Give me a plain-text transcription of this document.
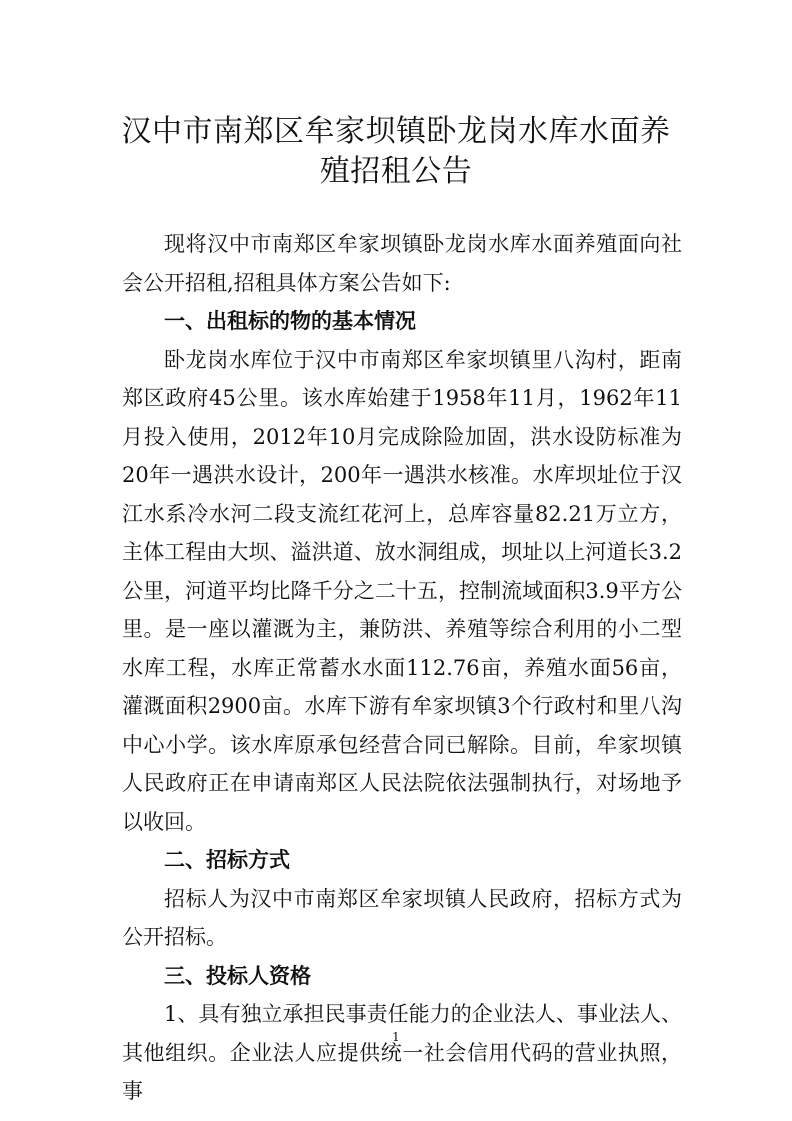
汉中市南郑区牟家坝镇卧龙岗水库水面养
殖招租公告

现将汉中市南郑区牟家坝镇卧龙岗水库水面养殖面向社会公开招租,招租具体方案公告如下:

一、出租标的物的基本情况

卧龙岗水库位于汉中市南郑区牟家坝镇里八沟村，距南郑区政府45公里。该水库始建于1958年11月，1962年11月投入使用，2012年10月完成除险加固，洪水设防标准为20年一遇洪水设计，200年一遇洪水核准。水库坝址位于汉江水系冷水河二段支流红花河上，总库容量82.21万立方，主体工程由大坝、溢洪道、放水洞组成，坝址以上河道长3.2公里，河道平均比降千分之二十五，控制流域面积3.9平方公里。是一座以灌溉为主，兼防洪、养殖等综合利用的小二型水库工程，水库正常蓄水水面112.76亩，养殖水面56亩，灌溉面积2900亩。水库下游有牟家坝镇3个行政村和里八沟中心小学。该水库原承包经营合同已解除。目前，牟家坝镇人民政府正在申请南郑区人民法院依法强制执行，对场地予以收回。

二、招标方式

招标人为汉中市南郑区牟家坝镇人民政府，招标方式为公开招标。

三、投标人资格

1、具有独立承担民事责任能力的企业法人、事业法人、其他组织。企业法人应提供统一社会信用代码的营业执照，事

1
